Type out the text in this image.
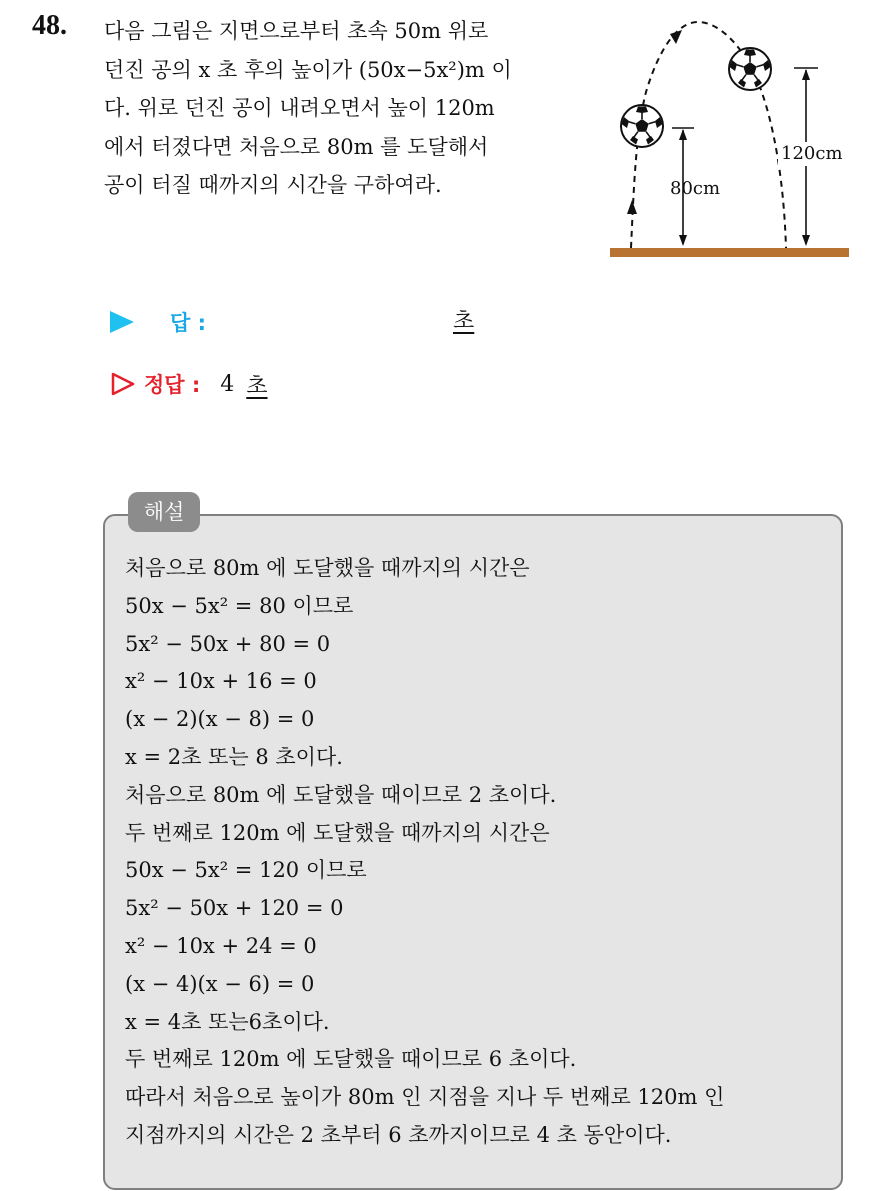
48. 다음 그림은 지면으로부터 초속 50m 위로
던진 공의 x 초 후의 높이가 (50x−5x²)m 이
다. 위로 던진 공이 내려오면서 높이 120m
에서 터졌다면 처음으로 80m 를 도달해서
공이 터질 때까지의 시간을 구하여라.	80cm
120cm
답 :	초
정답 : 4 초
해설
처음으로 80m 에 도달했을 때까지의 시간은
50x − 5x² = 80 이므로
5x² − 50x + 80 = 0
x² − 10x + 16 = 0
(x − 2)(x − 8) = 0
x = 2초 또는 8 초이다.
처음으로 80m 에 도달했을 때이므로 2 초이다.
두 번째로 120m 에 도달했을 때까지의 시간은
50x − 5x² = 120 이므로
5x² − 50x + 120 = 0
x² − 10x + 24 = 0
(x − 4)(x − 6) = 0
x = 4초 또는6초이다.
두 번째로 120m 에 도달했을 때이므로 6 초이다.
따라서 처음으로 높이가 80m 인 지점을 지나 두 번째로 120m 인
지점까지의 시간은 2 초부터 6 초까지이므로 4 초 동안이다.
